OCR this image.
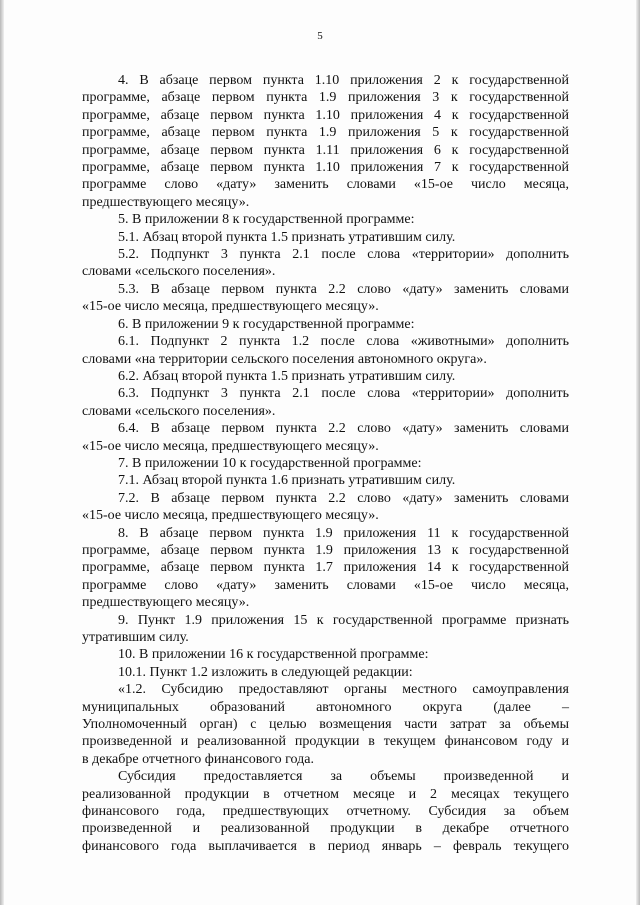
5

4. В абзаце первом пункта 1.10 приложения 2 к государственной
программе, абзаце первом пункта 1.9 приложения 3 к государственной
программе, абзаце первом пункта 1.10 приложения 4 к государственной
программе, абзаце первом пункта 1.9 приложения 5 к государственной
программе, абзаце первом пункта 1.11 приложения 6 к государственной
программе, абзаце первом пункта 1.10 приложения 7 к государственной
программе слово «дату» заменить словами «15-ое число месяца,
предшествующего месяцу».

5. В приложении 8 к государственной программе:

5.1. Абзац второй пункта 1.5 признать утратившим силу.

5.2. Подпункт 3 пункта 2.1 после слова «территории» дополнить
словами «сельского поселения».

5.3. В абзаце первом пункта 2.2 слово «дату» заменить словами
«15-ое число месяца, предшествующего месяцу».

6. В приложении 9 к государственной программе:

6.1. Подпункт 2 пункта 1.2 после слова «животными» дополнить
словами «на территории сельского поселения автономного округа».

6.2. Абзац второй пункта 1.5 признать утратившим силу.

6.3. Подпункт 3 пункта 2.1 после слова «территории» дополнить
словами «сельского поселения».

6.4. В абзаце первом пункта 2.2 слово «дату» заменить словами
«15-ое число месяца, предшествующего месяцу».

7. В приложении 10 к государственной программе:

7.1. Абзац второй пункта 1.6 признать утратившим силу.

7.2. В абзаце первом пункта 2.2 слово «дату» заменить словами
«15-ое число месяца, предшествующего месяцу».

8. В абзаце первом пункта 1.9 приложения 11 к государственной
программе, абзаце первом пункта 1.9 приложения 13 к государственной
программе, абзаце первом пункта 1.7 приложения 14 к государственной
программе слово «дату» заменить словами «15-ое число месяца,
предшествующего месяцу».

9. Пункт 1.9 приложения 15 к государственной программе признать
утратившим силу.

10. В приложении 16 к государственной программе:

10.1. Пункт 1.2 изложить в следующей редакции:

«1.2. Субсидию предоставляют органы местного самоуправления
муниципальных образований автономного округа (далее –
Уполномоченный орган) с целью возмещения части затрат за объемы
произведенной и реализованной продукции в текущем финансовом году и
в декабре отчетного финансового года.

Субсидия предоставляется за объемы произведенной и
реализованной продукции в отчетном месяце и 2 месяцах текущего
финансового года, предшествующих отчетному. Субсидия за объем
произведенной и реализованной продукции в декабре отчетного
финансового года выплачивается в период январь – февраль текущего
